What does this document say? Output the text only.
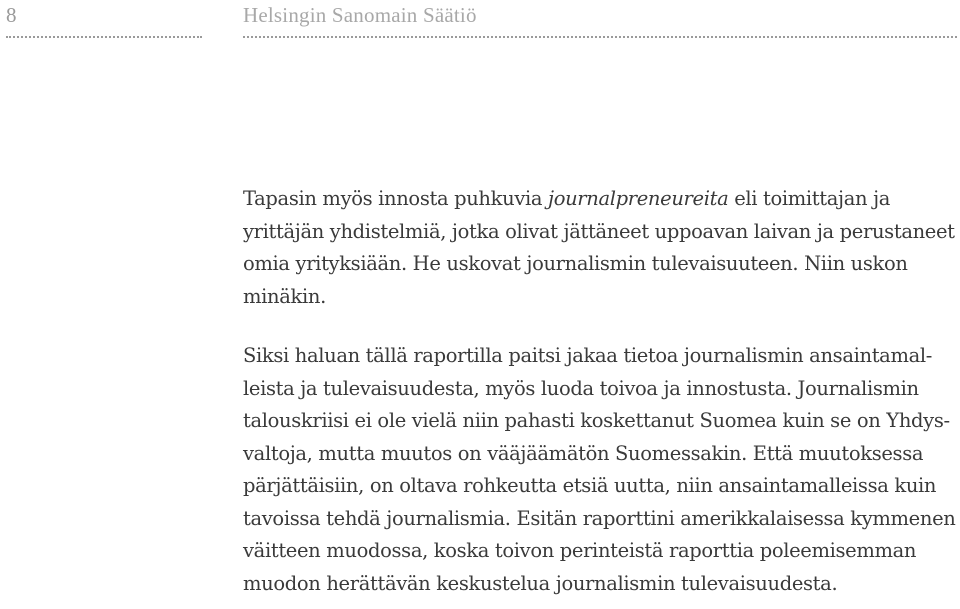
8	Helsingin Sanomain Säätiö

Tapasin myös innosta puhkuvia journalpreneureita eli toimittajan ja
yrittäjän yhdistelmiä, jotka olivat jättäneet uppoavan laivan ja perustaneet
omia yrityksiään. He uskovat journalismin tulevaisuuteen. Niin uskon
minäkin.

Siksi haluan tällä raportilla paitsi jakaa tietoa journalismin ansaintamal-
leista ja tulevaisuudesta, myös luoda toivoa ja innostusta. Journalismin
talouskriisi ei ole vielä niin pahasti koskettanut Suomea kuin se on Yhdys-
valtoja, mutta muutos on vääjäämätön Suomessakin. Että muutoksessa
pärjättäisiin, on oltava rohkeutta etsiä uutta, niin ansaintamalleissa kuin
tavoissa tehdä journalismia. Esitän raporttini amerikkalaisessa kymmenen
väitteen muodossa, koska toivon perinteistä raporttia poleemisemman
muodon herättävän keskustelua journalismin tulevaisuudesta.
